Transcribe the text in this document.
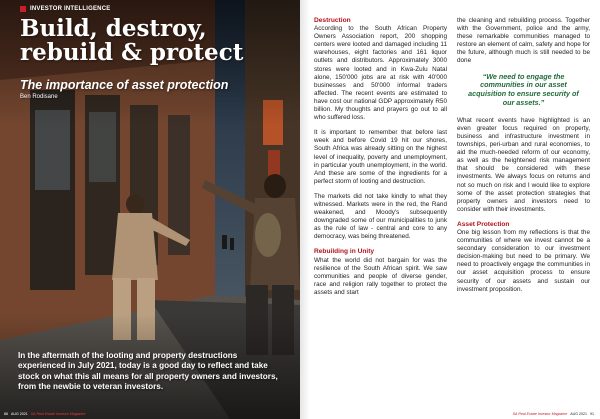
INVESTOR INTELLIGENCE
Build, destroy,
rebuild & protect
The importance of asset protection
Ben Rodisane

In the aftermath of the looting and property destructions experienced in July 2021, today is a good day to reflect and take stock on what this all means for all property owners and investors, from the newbie to veteran investors.

86 AUG 2021 SA Real Estate Investor Magazine
Destruction

According to the South African Property Owners Association report, 200 shopping centers were looted and damaged including 11 warehouses, eight factories and 161 liquor outlets and distributors. Approximately 3000 stores were looted and in Kwa-Zulu Natal alone, 150'000 jobs are at risk with 40'000 businesses and 50'000 informal traders affected. The recent events are estimated to have cost our national GDP approximately R50 billion. My thoughts and prayers go out to all who suffered loss.

It is important to remember that before last week and before Covid 19 hit our shores, South Africa was already sitting on the highest level of inequality, poverty and unemployment, in particular youth unemployment, in the world. And these are some of the ingredients for a perfect storm of looting and destruction.

The markets did not take kindly to what they witnessed. Markets were in the red, the Rand weakened, and Moody's subsequently downgraded some of our municipalities to junk as the rule of law - central and core to any democracy, was being threatened.

Rebuilding in Unity

What the world did not bargain for was the resilience of the South African spirit. We saw communities and people of diverse gender, race and religion rally together to protect the assets and start

the cleaning and rebuilding process. Together with the Government, police and the army, these remarkable communities managed to restore an element of calm, safety and hope for the future, although much is still needed to be done

“We need to engage the communities in our asset acquisition to ensure security of our assets.”

What recent events have highlighted is an even greater focus required on property, business and infrastructure investment in townships, peri-urban and rural economies, to aid the much-needed reform of our economy, as well as the heightened risk management that should be considered with these investments. We always focus on returns and not so much on risk and I would like to explore some of the asset protection strategies that property owners and investors need to consider with their investments.

Asset Protection

One big lesson from my reflections is that the communities of where we invest cannot be a secondary consideration to our investment decision-making but need to be primary. We need to proactively engage the communities in our asset acquisition process to ensure security of our assets and sustain our investment proposition.

SA Real Estate Investor Magazine AUG 2021 91
